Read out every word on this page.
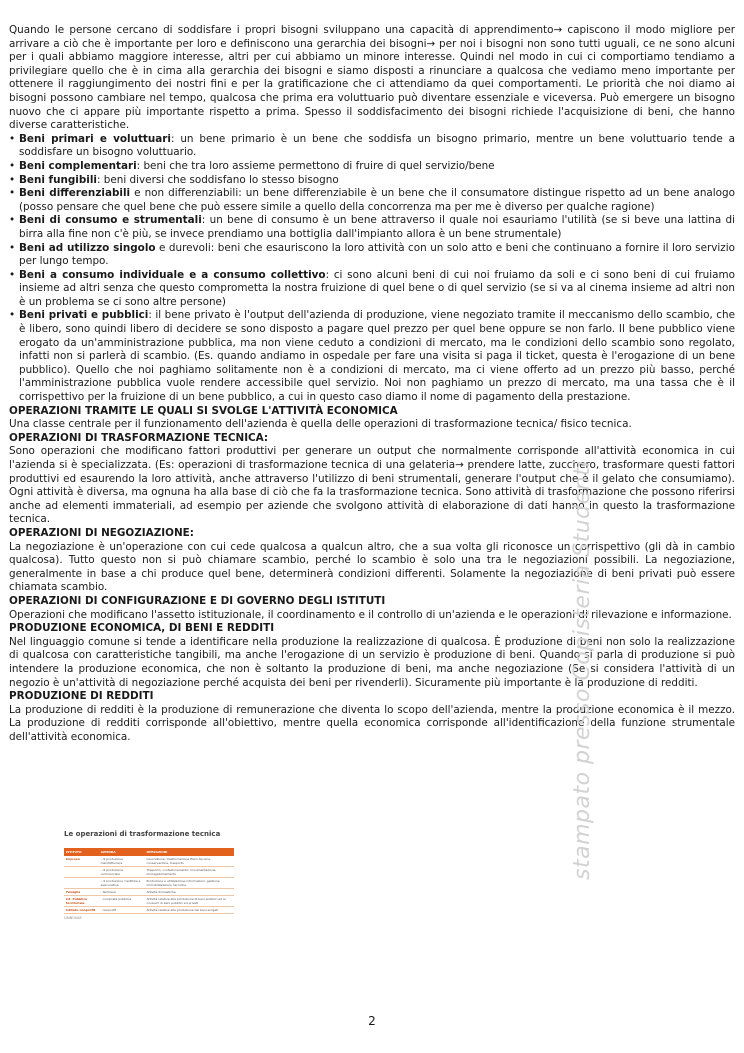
Quando le persone cercano di soddisfare i propri bisogni sviluppano una capacità di apprendimento→ capiscono il modo migliore per arrivare a ciò che è importante per loro e definiscono una gerarchia dei bisogni→ per noi i bisogni non sono tutti uguali, ce ne sono alcuni per i quali abbiamo maggiore interesse, altri per cui abbiamo un minore interesse. Quindi nel modo in cui ci comportiamo tendiamo a privilegiare quello che è in cima alla gerarchia dei bisogni e siamo disposti a rinunciare a qualcosa che vediamo meno importante per ottenere il raggiungimento dei nostri fini e per la gratificazione che ci attendiamo da quei comportamenti. Le priorità che noi diamo ai bisogni possono cambiare nel tempo, qualcosa che prima era voluttuario può diventare essenziale e viceversa. Può emergere un bisogno nuovo che ci appare più importante rispetto a prima. Spesso il soddisfacimento dei bisogni richiede l'acquisizione di beni, che hanno diverse caratteristiche.

• Beni primari e voluttuari: un bene primario è un bene che soddisfa un bisogno primario, mentre un bene voluttuario tende a soddisfare un bisogno voluttuario.
• Beni complementari: beni che tra loro assieme permettono di fruire di quel servizio/bene
• Beni fungibili: beni diversi che soddisfano lo stesso bisogno
• Beni differenziabili e non differenziabili: un bene differenziabile è un bene che il consumatore distingue rispetto ad un bene analogo (posso pensare che quel bene che può essere simile a quello della concorrenza ma per me è diverso per qualche ragione)
• Beni di consumo e strumentali: un bene di consumo è un bene attraverso il quale noi esauriamo l'utilità (se si beve una lattina di birra alla fine non c'è più, se invece prendiamo una bottiglia dall'impianto allora è un bene strumentale)
• Beni ad utilizzo singolo e durevoli: beni che esauriscono la loro attività con un solo atto e beni che continuano a fornire il loro servizio per lungo tempo.
• Beni a consumo individuale e a consumo collettivo: ci sono alcuni beni di cui noi fruiamo da soli e ci sono beni di cui fruiamo insieme ad altri senza che questo comprometta la nostra fruizione di quel bene o di quel servizio (se si va al cinema insieme ad altri non è un problema se ci sono altre persone)
• Beni privati e pubblici: il bene privato è l'output dell'azienda di produzione, viene negoziato tramite il meccanismo dello scambio, che è libero, sono quindi libero di decidere se sono disposto a pagare quel prezzo per quel bene oppure se non farlo. Il bene pubblico viene erogato da un'amministrazione pubblica, ma non viene ceduto a condizioni di mercato, ma le condizioni dello scambio sono regolato, infatti non si parlerà di scambio. (Es. quando andiamo in ospedale per fare una visita si paga il ticket, questa è l'erogazione di un bene pubblico). Quello che noi paghiamo solitamente non è a condizioni di mercato, ma ci viene offerto ad un prezzo più basso, perché l'amministrazione pubblica vuole rendere accessibile quel servizio. Noi non paghiamo un prezzo di mercato, ma una tassa che è il corrispettivo per la fruizione di un bene pubblico, a cui in questo caso diamo il nome di pagamento della prestazione.

OPERAZIONI TRAMITE LE QUALI SI SVOLGE L'ATTIVITÀ ECONOMICA

Una classe centrale per il funzionamento dell'azienda è quella delle operazioni di trasformazione tecnica/ fisico tecnica.

OPERAZIONI DI TRASFORMAZIONE TECNICA:

Sono operazioni che modificano fattori produttivi per generare un output che normalmente corrisponde all'attività economica in cui l'azienda si è specializzata. (Es: operazioni di trasformazione tecnica di una gelateria→ prendere latte, zucchero, trasformare questi fattori produttivi ed esaurendo la loro attività, anche attraverso l'utilizzo di beni strumentali, generare l'output che è il gelato che consumiamo). Ogni attività è diversa, ma ognuna ha alla base di ciò che fa la trasformazione tecnica. Sono attività di trasformazione che possono riferirsi anche ad elementi immateriali, ad esempio per aziende che svolgono attività di elaborazione di dati hanno in questo la trasformazione tecnica.

OPERAZIONI DI NEGOZIAZIONE:

La negoziazione è un'operazione con cui cede qualcosa a qualcun altro, che a sua volta gli riconosce un corrispettivo (gli dà in cambio qualcosa). Tutto questo non si può chiamare scambio, perché lo scambio è solo una tra le negoziazioni possibili. La negoziazione, generalmente in base a chi produce quel bene, determinerà condizioni differenti. Solamente la negoziazione di beni privati può essere chiamata scambio.

OPERAZIONI DI CONFIGURAZIONE E DI GOVERNO DEGLI ISTITUTI

Operazioni che modificano l'assetto istituzionale, il coordinamento e il controllo di un'azienda e le operazioni di rilevazione e informazione.

PRODUZIONE ECONOMICA, DI BENI E REDDITI

Nel linguaggio comune si tende a identificare nella produzione la realizzazione di qualcosa. È produzione di beni non solo la realizzazione di qualcosa con caratteristiche tangibili, ma anche l'erogazione di un servizio è produzione di beni. Quando si parla di produzione si può intendere la produzione economica, che non è soltanto la produzione di beni, ma anche negoziazione (Se si considera l'attività di un negozio è un'attività di negoziazione perché acquista dei beni per rivenderli). Sicuramente più importante è la produzione di redditi.

PRODUZIONE DI REDDITI

La produzione di redditi è la produzione di remunerazione che diventa lo scopo dell'azienda, mentre la produzione economica è il mezzo. La produzione di redditi corrisponde all'obiettivo, mentre quella economica corrisponde all'identificazione della funzione strumentale dell'attività economica.	stampato presso Copisteria Studenti
Le operazioni di trasformazione tecnica
ISTITUTO	AZIENDA	OPERAZIONI
Impresa	- di produzione manifatturiera	Lavorazione, trasformazione fisico-tecnica, conservazione, trasporto
	- di produzione commerciale	Trasporto, confezionamento, movimentazione, immagazzinamento
	- di produzione creditizia e assicurativa	Produzione e utilizzazione informazioni, gestione immobilizzazioni, tecniche
Famiglia	- familiare	Attività domestiche
Ist. Pubblica territoriale	- composta pubblica	Attività relative alla produzione di beni pubblici ed ai consumi di beni pubblici ed privati
Istituto nonprofit	- nonprofit	Attività relative alla produzione dei beni erogati
LINNOVAE
2
